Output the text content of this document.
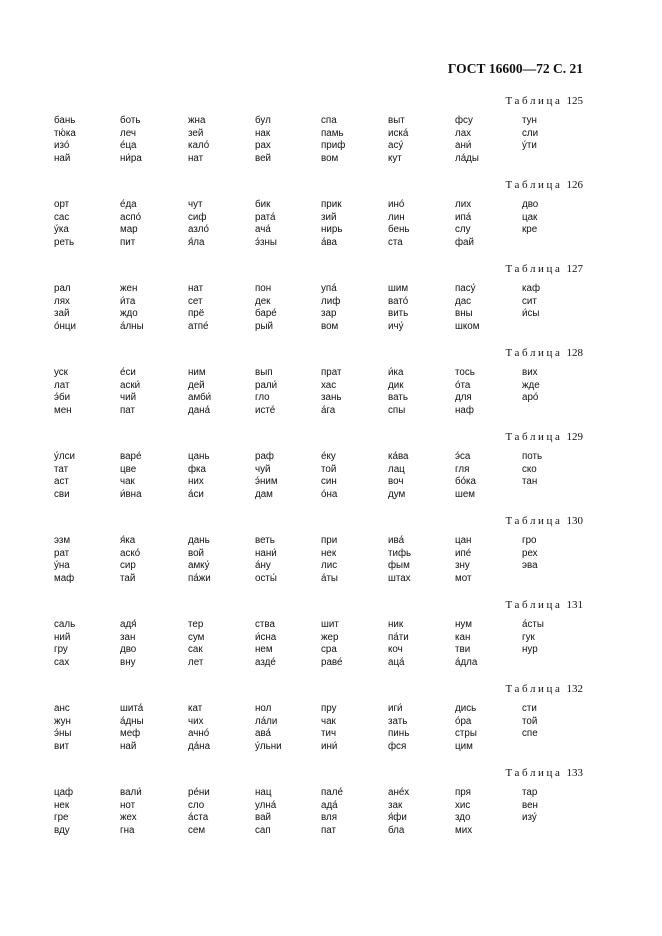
ГОСТ 16600—72 С. 21
Таблица 125
бань
тю́ка
изо́
най
боть
леч
е́ца
ни́ра
жна
зей
кало́
нат
бул
нак
рах
вей
спа
памь
приф
вом
выт
иска́
асу́
кут
фсу
лах
ани́
ла́ды
тун
сли
у́ти
Таблица 126
орт
сас
у́ка
реть
е́да
аспо́
мар
пит
чут
сиф
азло́
я́ла
бик
рата́
ача́
э́зны
прик
зий
нирь
а́ва
ино́
лин
бень
ста
лих
ипа́
слу
фай
дво
цак
кре
Таблица 127
рал
лях
зай
о́нци
жен
и́та
ждо
а́лны
нат
сет
прё
атпе́
пон
дек
баре́
рый
упа́
лиф
зар
вом
шим
вато́
вить
ичу́
пасу́
дас
вны
шком
каф
сит
и́сы
Таблица 128
уск
лат
э́би
мен
е́си
аски́
чий
пат
ним
дей
амби́
дана́
вып
рали́
гло
исте́
прат
хас
зань
а́га
и́ка
дик
вать
спы
тось
о́та
для
наф
вих
жде
аро́
Таблица 129
у́лси
тат
аст
сви
варе́
цве
чак
и́вна
цань
фка
них
а́си
раф
чуй
э́ним
дам
е́ку
той
син
о́на
ка́ва
лац
воч
дум
э́са
гля
бо́ка
шем
поть
ско
тан
Таблица 130
эзм
рат
у́на
маф
я́ка
аско́
сир
тай
дань
вой
амку́
па́жи
веть
нани́
а́ну
осты́
при
нек
лис
а́ты
ива́
тифь
фым
штах
цан
ипе́
зну
мот
гро
рех
эва
Таблица 131
саль
ний
гру
сах
адя́
зан
дво
вну
тер
сум
сак
лет
ства
и́сна
нем
азде́
шит
жер
сра
раве́
ник
па́ти
коч
аца́
нум
кан
тви
а́дла
а́сты
гук
нур
Таблица 132
анс
жун
э́ны
вит
шита́
а́дны
меф
най
кат
чих
ачно́
да́на
нол
ла́ли
ава́
у́льни
пру
чак
тич
ини́
иги́
зать
пинь
фся
дись
о́ра
стры
цим
сти
той
спе
Таблица 133
цаф
нек
гре
вду
вали́
нот
жех
гна
ре́ни
сло
а́ста
сем
нац
улна́
вай
сап
пале́
ада́
вля
пат
ане́х
зак
я́фи
бла
пря
хис
здо
мих
тар
вен
изу́
